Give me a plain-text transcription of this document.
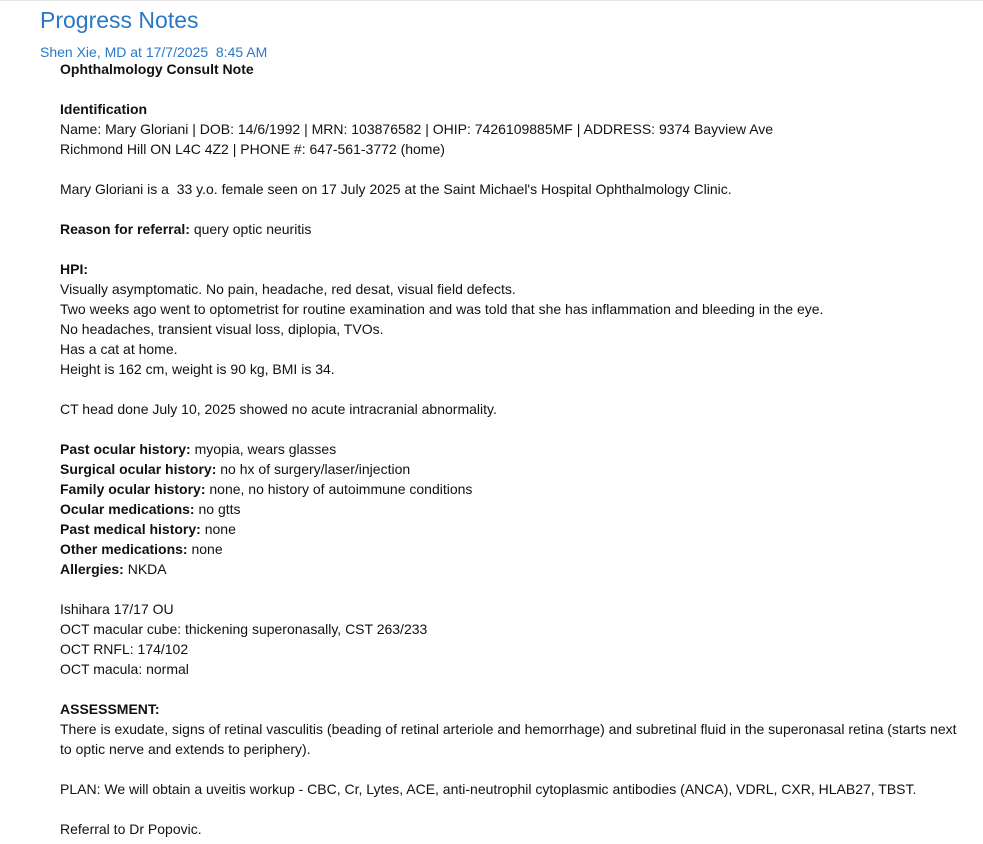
Progress Notes
Shen Xie, MD at 17/7/2025  8:45 AM
Ophthalmology Consult Note
Identification
Name: Mary Gloriani | DOB: 14/6/1992 | MRN: 103876582 | OHIP: 7426109885MF | ADDRESS: 9374 Bayview Ave
Richmond Hill ON L4C 4Z2 | PHONE #: 647-561-3772 (home)
Mary Gloriani is a  33 y.o. female seen on 17 July 2025 at the Saint Michael's Hospital Ophthalmology Clinic.
Reason for referral: query optic neuritis
HPI:
Visually asymptomatic. No pain, headache, red desat, visual field defects.
Two weeks ago went to optometrist for routine examination and was told that she has inflammation and bleeding in the eye.
No headaches, transient visual loss, diplopia, TVOs.
Has a cat at home.
Height is 162 cm, weight is 90 kg, BMI is 34.
CT head done July 10, 2025 showed no acute intracranial abnormality.
Past ocular history: myopia, wears glasses
Surgical ocular history: no hx of surgery/laser/injection
Family ocular history: none, no history of autoimmune conditions
Ocular medications: no gtts
Past medical history: none
Other medications: none
Allergies: NKDA
Ishihara 17/17 OU
OCT macular cube: thickening superonasally, CST 263/233
OCT RNFL: 174/102
OCT macula: normal
ASSESSMENT:
There is exudate, signs of retinal vasculitis (beading of retinal arteriole and hemorrhage) and subretinal fluid in the superonasal retina (starts next to optic nerve and extends to periphery).
PLAN: We will obtain a uveitis workup - CBC, Cr, Lytes, ACE, anti-neutrophil cytoplasmic antibodies (ANCA), VDRL, CXR, HLAB27, TBST.
Referral to Dr Popovic.
